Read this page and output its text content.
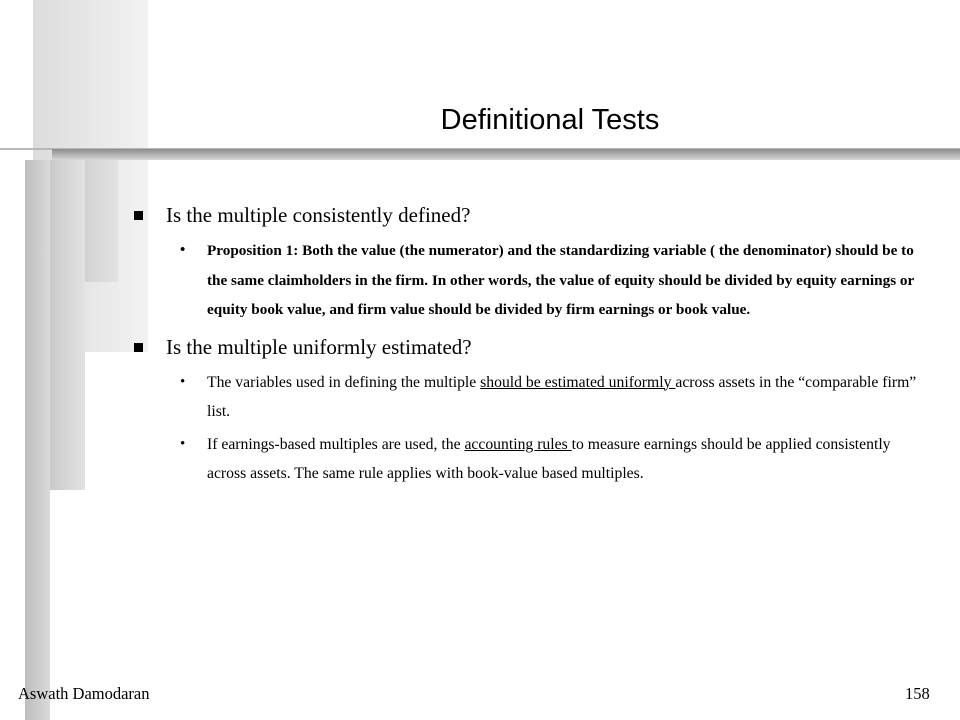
Definitional Tests
Is the multiple consistently defined?
• Proposition 1: Both the value (the numerator) and the standardizing variable ( the denominator) should be to the same claimholders in the firm. In other words, the value of equity should be divided by equity earnings or equity book value, and firm value should be divided by firm earnings or book value.
Is the multiple uniformly estimated?
• The variables used in defining the multiple should be estimated uniformly across assets in the “comparable firm” list.
• If earnings-based multiples are used, the accounting rules to measure earnings should be applied consistently across assets. The same rule applies with book-value based multiples.
Aswath Damodaran	158
